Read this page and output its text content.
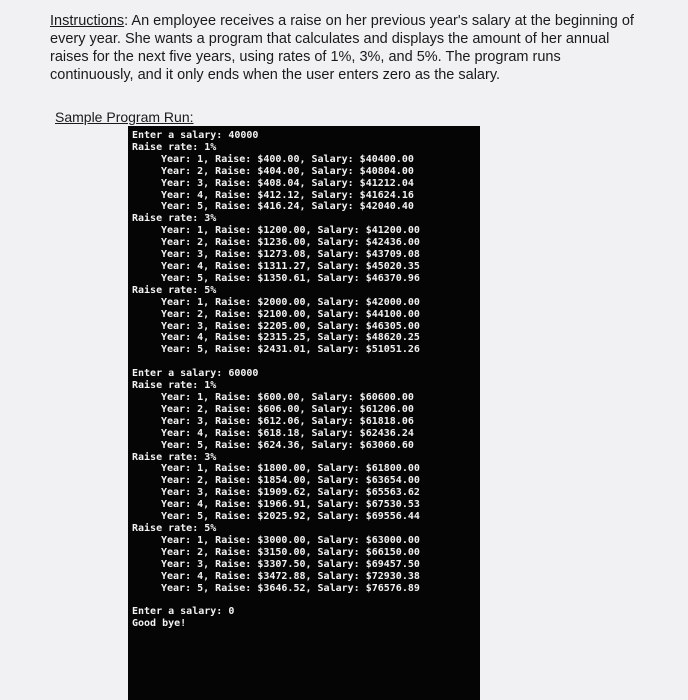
Instructions: An employee receives a raise on her previous year's salary at the beginning of every year. She wants a program that calculates and displays the amount of her annual raises for the next five years, using rates of 1%, 3%, and 5%. The program runs continuously, and it only ends when the user enters zero as the salary.
Sample Program Run:
Enter a salary: 40000
Raise rate: 1%
Year: 1, Raise: $400.00, Salary: $40400.00
Year: 2, Raise: $404.00, Salary: $40804.00
Year: 3, Raise: $408.04, Salary: $41212.04
Year: 4, Raise: $412.12, Salary: $41624.16
Year: 5, Raise: $416.24, Salary: $42040.40
Raise rate: 3%
Year: 1, Raise: $1200.00, Salary: $41200.00
Year: 2, Raise: $1236.00, Salary: $42436.00
Year: 3, Raise: $1273.08, Salary: $43709.08
Year: 4, Raise: $1311.27, Salary: $45020.35
Year: 5, Raise: $1350.61, Salary: $46370.96
Raise rate: 5%
Year: 1, Raise: $2000.00, Salary: $42000.00
Year: 2, Raise: $2100.00, Salary: $44100.00
Year: 3, Raise: $2205.00, Salary: $46305.00
Year: 4, Raise: $2315.25, Salary: $48620.25
Year: 5, Raise: $2431.01, Salary: $51051.26
Enter a salary: 60000
Raise rate: 1%
Year: 1, Raise: $600.00, Salary: $60600.00
Year: 2, Raise: $606.00, Salary: $61206.00
Year: 3, Raise: $612.06, Salary: $61818.06
Year: 4, Raise: $618.18, Salary: $62436.24
Year: 5, Raise: $624.36, Salary: $63060.60
Raise rate: 3%
Year: 1, Raise: $1800.00, Salary: $61800.00
Year: 2, Raise: $1854.00, Salary: $63654.00
Year: 3, Raise: $1909.62, Salary: $65563.62
Year: 4, Raise: $1966.91, Salary: $67530.53
Year: 5, Raise: $2025.92, Salary: $69556.44
Raise rate: 5%
Year: 1, Raise: $3000.00, Salary: $63000.00
Year: 2, Raise: $3150.00, Salary: $66150.00
Year: 3, Raise: $3307.50, Salary: $69457.50
Year: 4, Raise: $3472.88, Salary: $72930.38
Year: 5, Raise: $3646.52, Salary: $76576.89
Enter a salary: 0
Good bye!
